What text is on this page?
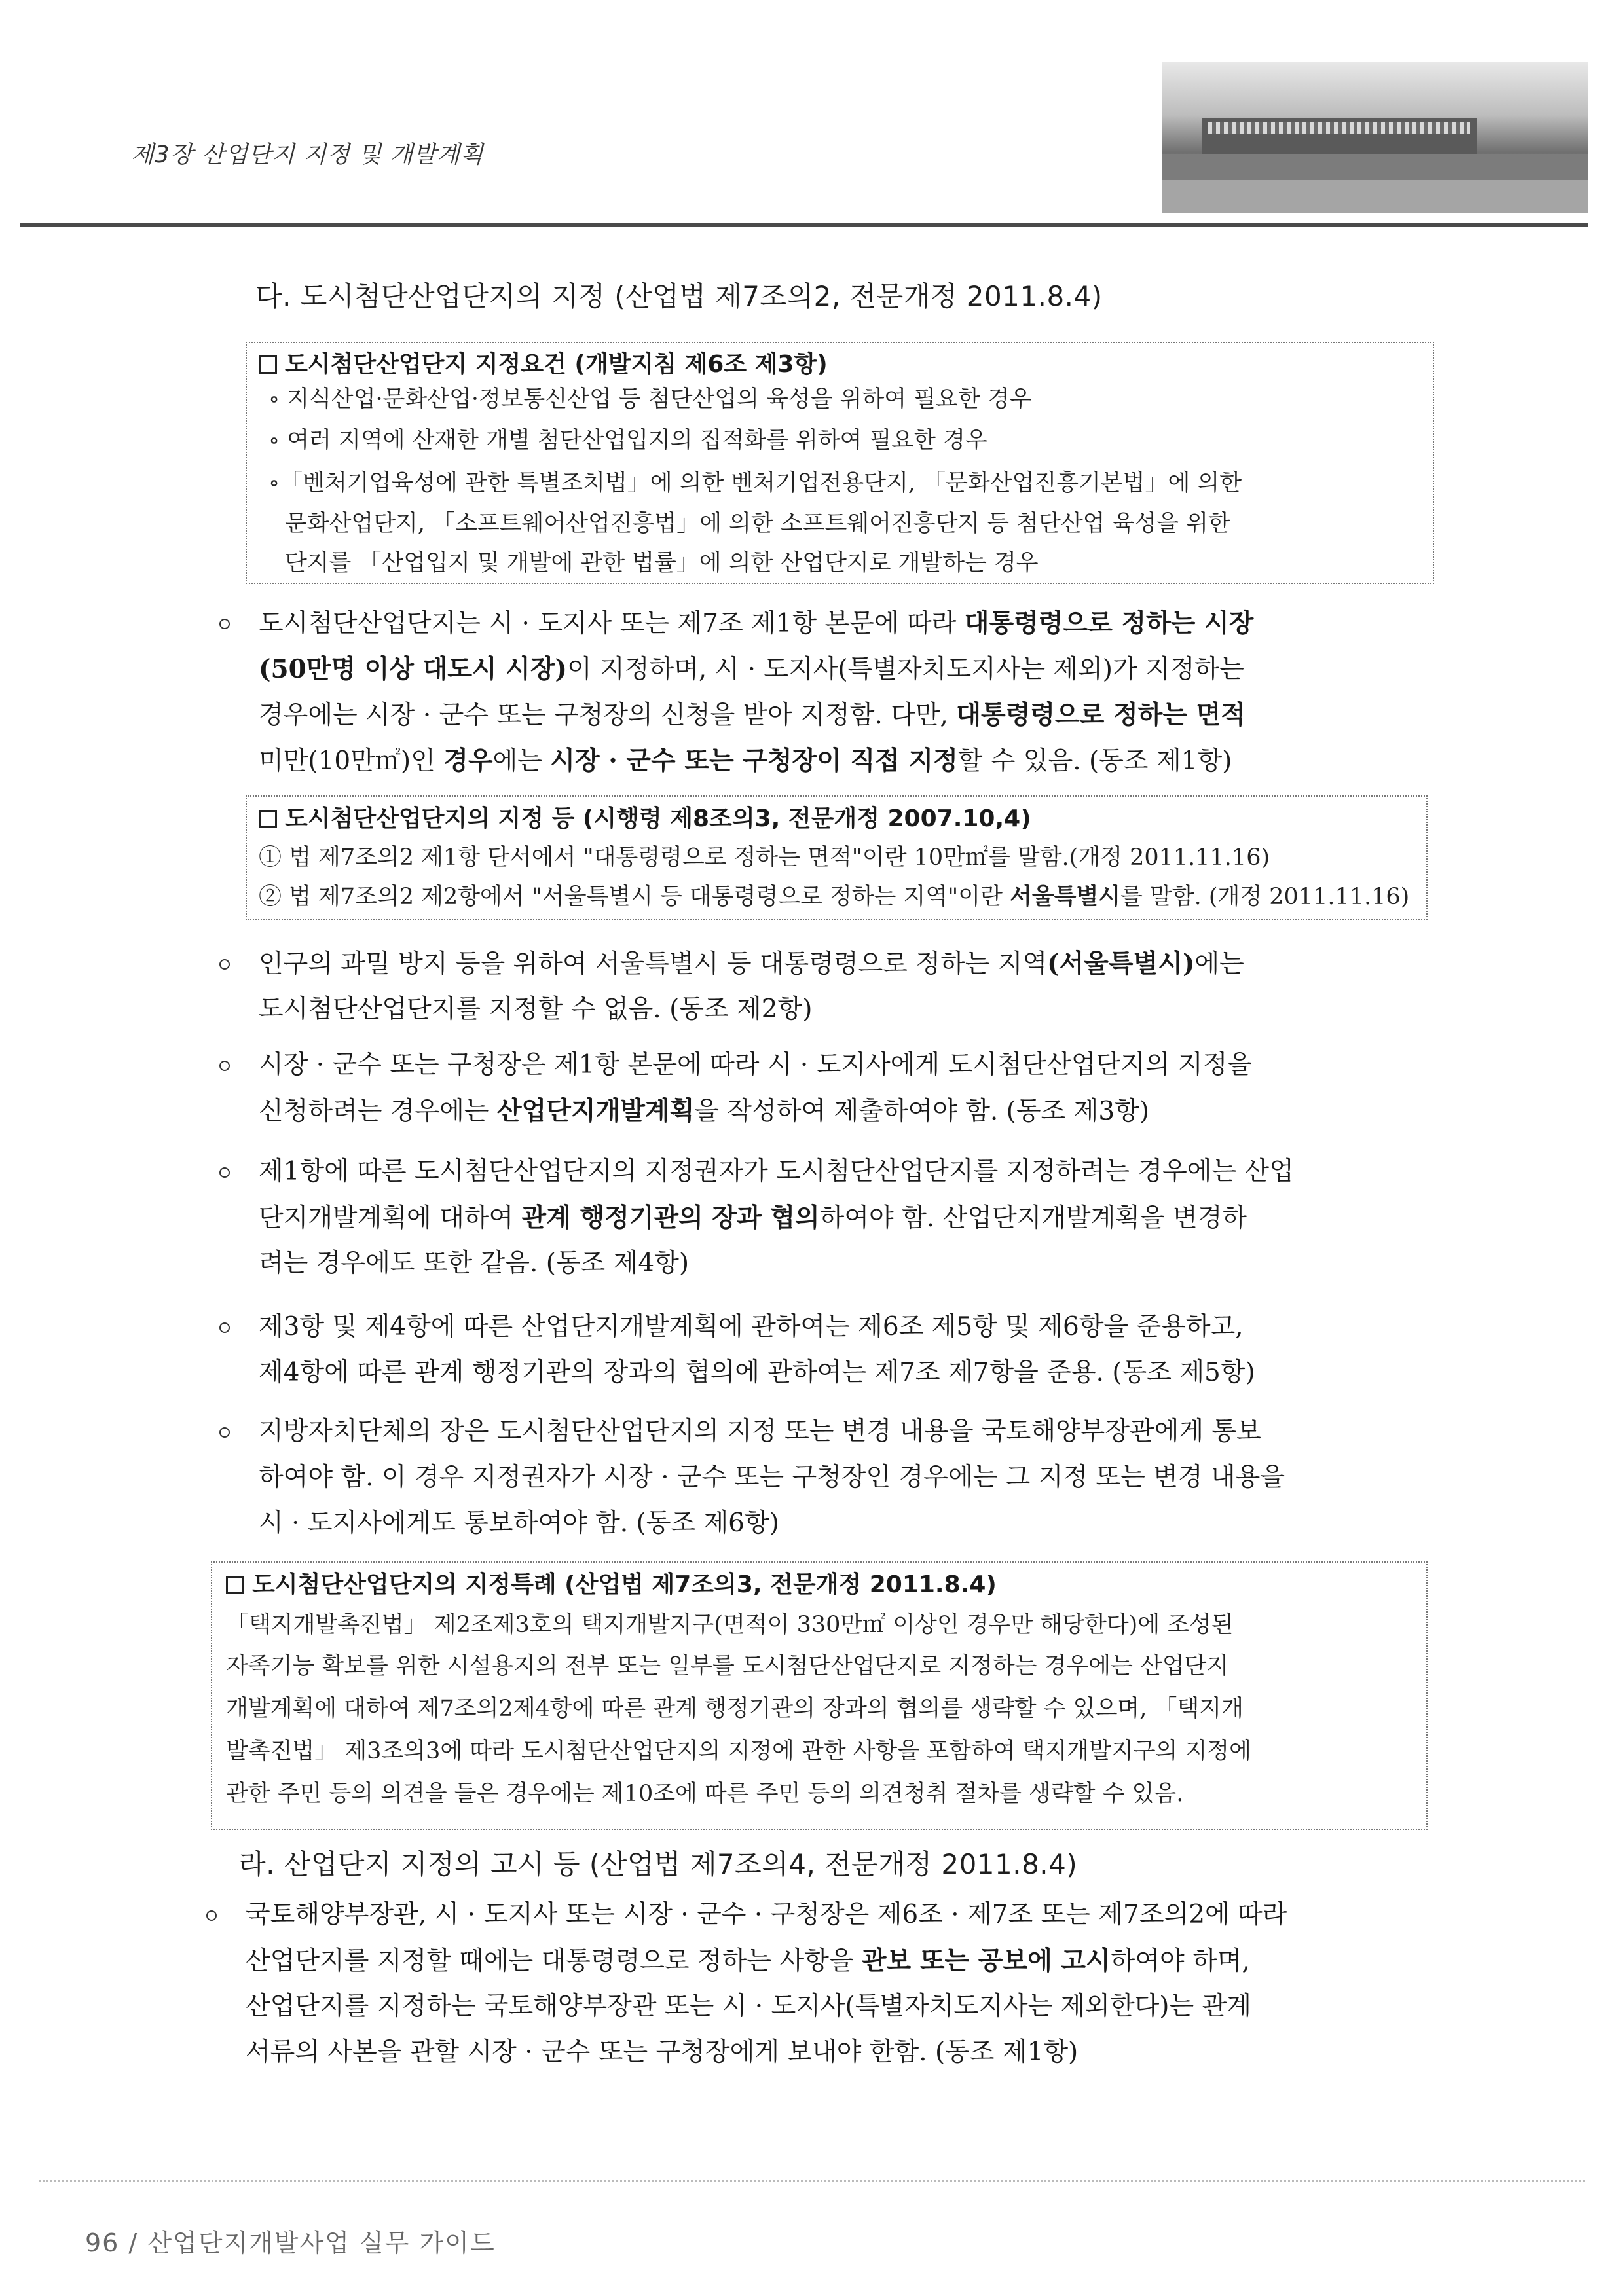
제3장 산업단지 지정 및 개발계획
다. 도시첨단산업단지의 지정 (산업법 제7조의2, 전문개정 2011.8.4)
도시첨단산업단지 지정요건 (개발지침 제6조 제3항)
∘ 지식산업·문화산업·정보통신산업 등 첨단산업의 육성을 위하여 필요한 경우
∘ 여러 지역에 산재한 개별 첨단산업입지의 집적화를 위하여 필요한 경우
∘「벤처기업육성에 관한 특별조치법」에 의한 벤처기업전용단지, 「문화산업진흥기본법」에 의한
문화산업단지, 「소프트웨어산업진흥법」에 의한 소프트웨어진흥단지 등 첨단산업 육성을 위한
단지를 「산업입지 및 개발에 관한 법률」에 의한 산업단지로 개발하는 경우
도시첨단산업단지는 시 · 도지사 또는 제7조 제1항 본문에 따라 대통령령으로 정하는 시장
(50만명 이상 대도시 시장)이 지정하며, 시 · 도지사(특별자치도지사는 제외)가 지정하는
경우에는 시장 · 군수 또는 구청장의 신청을 받아 지정함. 다만, 대통령령으로 정하는 면적
미만(10만㎡)인 경우에는 시장 · 군수 또는 구청장이 직접 지정할 수 있음. (동조 제1항)
도시첨단산업단지의 지정 등 (시행령 제8조의3, 전문개정 2007.10,4)
① 법 제7조의2 제1항 단서에서 "대통령령으로 정하는 면적"이란 10만㎡를 말함.(개정 2011.11.16)
② 법 제7조의2 제2항에서 "서울특별시 등 대통령령으로 정하는 지역"이란 서울특별시를 말함. (개정 2011.11.16)
인구의 과밀 방지 등을 위하여 서울특별시 등 대통령령으로 정하는 지역(서울특별시)에는
도시첨단산업단지를 지정할 수 없음. (동조 제2항)
시장 · 군수 또는 구청장은 제1항 본문에 따라 시 · 도지사에게 도시첨단산업단지의 지정을
신청하려는 경우에는 산업단지개발계획을 작성하여 제출하여야 함. (동조 제3항)
제1항에 따른 도시첨단산업단지의 지정권자가 도시첨단산업단지를 지정하려는 경우에는 산업
단지개발계획에 대하여 관계 행정기관의 장과 협의하여야 함. 산업단지개발계획을 변경하
려는 경우에도 또한 같음. (동조 제4항)
제3항 및 제4항에 따른 산업단지개발계획에 관하여는 제6조 제5항 및 제6항을 준용하고,
제4항에 따른 관계 행정기관의 장과의 협의에 관하여는 제7조 제7항을 준용. (동조 제5항)
지방자치단체의 장은 도시첨단산업단지의 지정 또는 변경 내용을 국토해양부장관에게 통보
하여야 함. 이 경우 지정권자가 시장 · 군수 또는 구청장인 경우에는 그 지정 또는 변경 내용을
시 · 도지사에게도 통보하여야 함. (동조 제6항)
도시첨단산업단지의 지정특례 (산업법 제7조의3, 전문개정 2011.8.4)
「택지개발촉진법」 제2조제3호의 택지개발지구(면적이 330만㎡ 이상인 경우만 해당한다)에 조성된
자족기능 확보를 위한 시설용지의 전부 또는 일부를 도시첨단산업단지로 지정하는 경우에는 산업단지
개발계획에 대하여 제7조의2제4항에 따른 관계 행정기관의 장과의 협의를 생략할 수 있으며, 「택지개
발촉진법」 제3조의3에 따라 도시첨단산업단지의 지정에 관한 사항을 포함하여 택지개발지구의 지정에
관한 주민 등의 의견을 들은 경우에는 제10조에 따른 주민 등의 의견청취 절차를 생략할 수 있음.
라. 산업단지 지정의 고시 등 (산업법 제7조의4, 전문개정 2011.8.4)
국토해양부장관, 시 · 도지사 또는 시장 · 군수 · 구청장은 제6조 · 제7조 또는 제7조의2에 따라
산업단지를 지정할 때에는 대통령령으로 정하는 사항을 관보 또는 공보에 고시하여야 하며,
산업단지를 지정하는 국토해양부장관 또는 시 · 도지사(특별자치도지사는 제외한다)는 관계
서류의 사본을 관할 시장 · 군수 또는 구청장에게 보내야 한함. (동조 제1항)
96 / 산업단지개발사업 실무 가이드
